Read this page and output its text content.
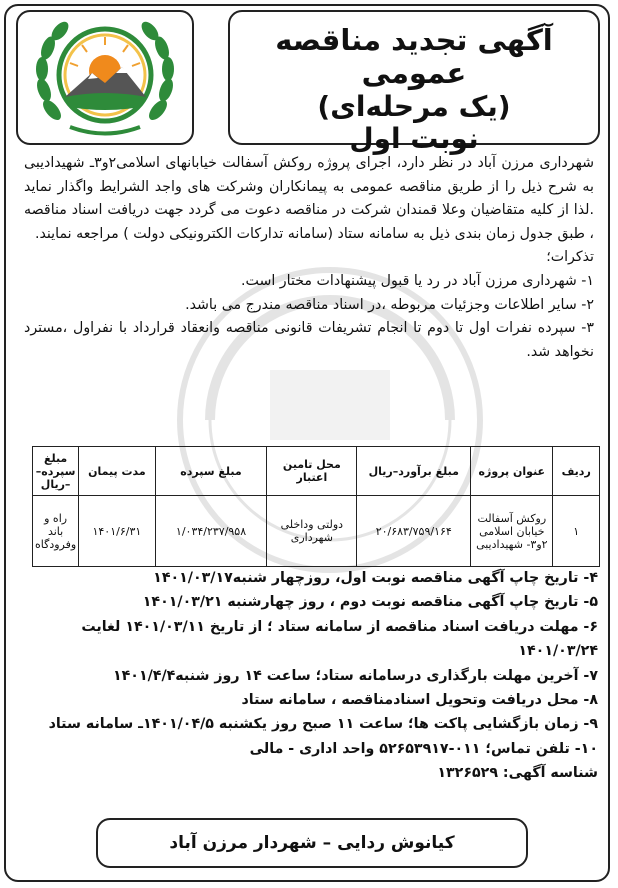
آگهی تجدید مناقصه عمومی
(یک مرحله‌ای)
نوبت اول

شهرداری مرزن آباد در نظر دارد، اجرای پروژه روکش آسفالت خیابانهای اسلامی۲و۳ـ شهیدادیبی به شرح ذیل را از طریق مناقصه عمومی به پیمانکاران وشرکت های واجد الشرایط واگذار نماید .لذا از کلیه متقاضیان وعلا قمندان شرکت در مناقصه دعوت می گردد جهت دریافت اسناد مناقصه ، طبق جدول زمان بندی ذیل به سامانه ستاد (سامانه تدارکات الکترونیکی دولت ) مراجعه نمایند.

تذکرات؛

۱- شهرداری مرزن آباد در رد یا قبول پیشنهادات مختار است.

۲- سایر اطلاعات وجزئیات مربوطه ،در اسناد مناقصه مندرج می باشد.

۳- سپرده نفرات اول تا دوم تا انجام تشریفات قانونی مناقصه وانعقاد قرارداد با نفراول ،مسترد نخواهد شد.

ردیف	عنوان پروژه	مبلغ برآورد–ریال	محل تامین اعتبار	مبلغ سپرده	مدت پیمان	مبلغ سپرده– –ریال
۱	روکش آسفالت خیابان اسلامی ۲و۳- شهیدادیبی	۲۰/۶۸۳/۷۵۹/۱۶۴	دولتی وداخلی شهرداری	۱/۰۳۴/۲۳۷/۹۵۸	۱۴۰۱/۶/۳۱	راه و باند وفرودگاه
۴- تاریخ چاپ آگهی مناقصه نوبت اول، روزچهار شنبه۱۴۰۱/۰۳/۱۷
۵- تاریخ چاپ آگهی مناقصه نوبت دوم ، روز چهارشنبه ۱۴۰۱/۰۳/۲۱
۶- مهلت دریافت اسناد مناقصه از سامانه ستاد ؛ از تاریخ ۱۴۰۱/۰۳/۱۱ لغایت ۱۴۰۱/۰۳/۲۴
۷- آخرین مهلت بارگذاری درسامانه ستاد؛ ساعت ۱۴ روز شنبه۱۴۰۱/۴/۴
۸- محل دریافت وتحویل اسنادمناقصه ، سامانه ستاد
۹- زمان بازگشایی پاکت ها؛ ساعت ۱۱ صبح روز یکشنبه ۱۴۰۱/۰۴/۵ـ سامانه ستاد
۱۰- تلفن تماس؛ ۰۱۱-۵۲۶۵۳۹۱۷ واحد اداری - مالی
شناسه آگهی: ۱۳۲۶۵۲۹
کیانوش ردایی – شهردار مرزن آباد
